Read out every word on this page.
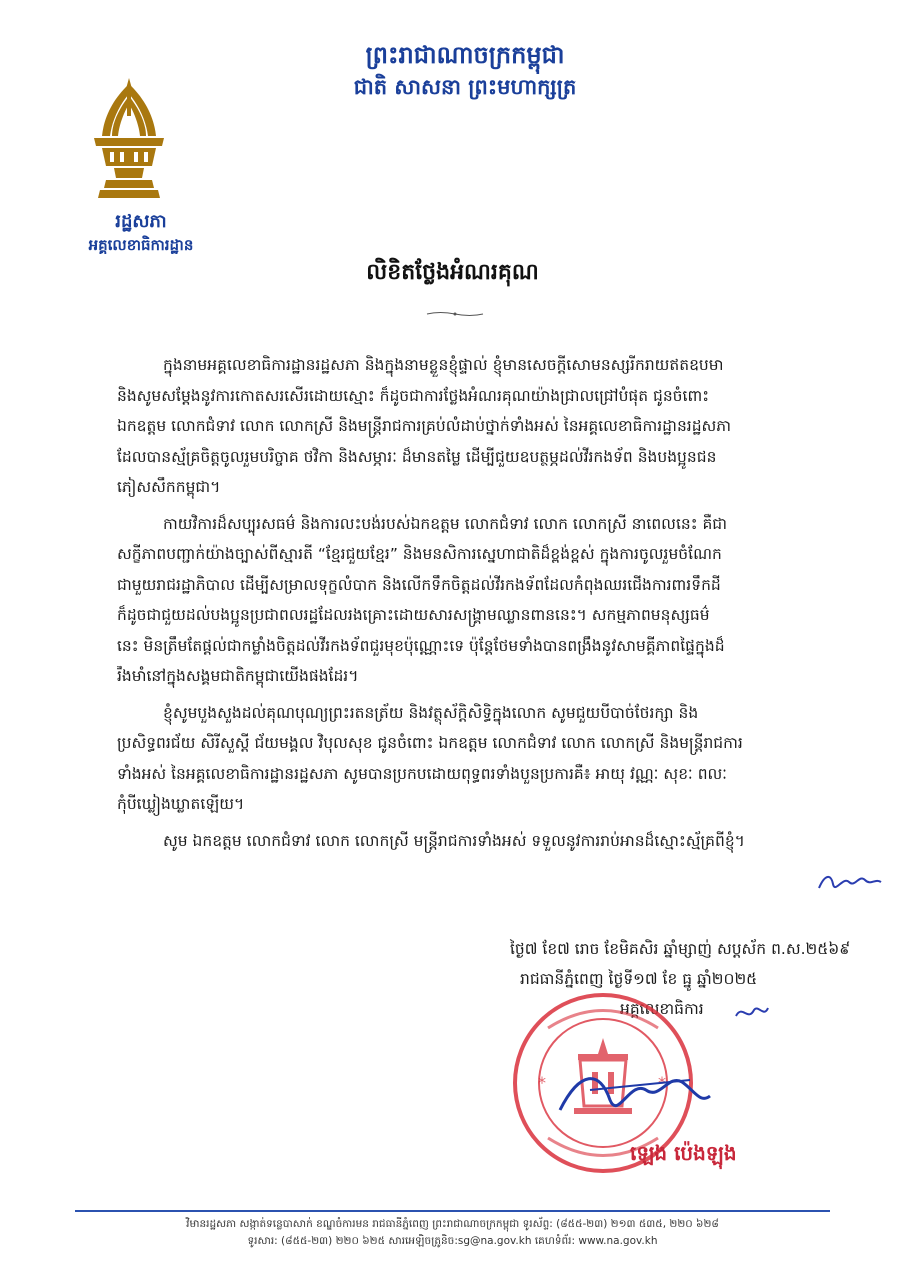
រដ្ឋសភា
អគ្គលេខាធិការដ្ឋាន
ព្រះរាជាណាចក្រកម្ពុជា
ជាតិ សាសនា ព្រះមហាក្សត្រ
លិខិតថ្លែងអំណរគុណ
ក្នុងនាមអគ្គលេខាធិការដ្ឋានរដ្ឋសភា និងក្នុងនាមខ្លួនខ្ញុំផ្ទាល់ ខ្ញុំមានសេចក្តីសោមនស្សរីករាយឥតឧបមា
និងសូមសម្តែងនូវការកោតសរសើរដោយស្មោះ ក៏ដូចជាការថ្លែងអំណរគុណយ៉ាងជ្រាលជ្រៅបំផុត ជូនចំពោះ
ឯកឧត្តម លោកជំទាវ លោក លោកស្រី និងមន្ត្រីរាជការគ្រប់លំដាប់ថ្នាក់ទាំងអស់ នៃអគ្គលេខាធិការដ្ឋានរដ្ឋសភា
ដែលបានស្ម័គ្រចិត្តចូលរួមបរិច្ចាគ ថវិកា និងសម្ភារៈ ដ៏មានតម្លៃ ដើម្បីជួយឧបត្ថម្ភដល់វីរកងទ័ព និងបងប្អូនជន
ភៀសសឹកកម្ពុជា។
កាយវិការដ៏សប្បុរសធម៌ និងការលះបង់របស់ឯកឧត្តម លោកជំទាវ លោក លោកស្រី នាពេលនេះ គឺជា
សក្ខីភាពបញ្ជាក់យ៉ាងច្បាស់ពីស្មារតី “ខ្មែរជួយខ្មែរ” និងមនសិការស្នេហាជាតិដ៏ខ្ពង់ខ្ពស់ ក្នុងការចូលរួមចំណែក
ជាមួយរាជរដ្ឋាភិបាល ដើម្បីសម្រាលទុក្ខលំបាក និងលើកទឹកចិត្តដល់វីរកងទ័ពដែលកំពុងឈរជើងការពារទឹកដី
ក៏ដូចជាជួយដល់បងប្អូនប្រជាពលរដ្ឋដែលរងគ្រោះដោយសារសង្គ្រាមឈ្លានពាននេះ។ សកម្មភាពមនុស្សធម៌
នេះ មិនត្រឹមតែផ្តល់ជាកម្លាំងចិត្តដល់វីរកងទ័ពជួរមុខប៉ុណ្ណោះទេ ប៉ុន្តែថែមទាំងបានពង្រឹងនូវសាមគ្គីភាពផ្ទៃក្នុងដ៏
រឹងមាំនៅក្នុងសង្គមជាតិកម្ពុជាយើងផងដែរ។
ខ្ញុំសូមបួងសួងដល់គុណបុណ្យព្រះរតនត្រ័យ និងវត្ថុស័ក្តិសិទ្ធិក្នុងលោក សូមជួយបីបាច់ថែរក្សា និង
ប្រសិទ្ធពរជ័យ សិរីសួស្តី ជ័យមង្គល វិបុលសុខ ជូនចំពោះ ឯកឧត្តម លោកជំទាវ លោក លោកស្រី និងមន្ត្រីរាជការ
ទាំងអស់ នៃអគ្គលេខាធិការដ្ឋានរដ្ឋសភា សូមបានប្រកបដោយពុទ្ធពរទាំងបួនប្រការគឺ៖ អាយុ វណ្ណៈ សុខៈ ពលៈ
កុំបីឃ្លៀងឃ្លាតឡើយ។
សូម ឯកឧត្តម លោកជំទាវ លោក លោកស្រី មន្ត្រីរាជការទាំងអស់ ទទួលនូវការរាប់អានដ៏ស្មោះស្ម័គ្រពីខ្ញុំ។
ថ្ងៃ៧ ខែ៧ រោច ខែមិគសិរ ឆ្នាំម្សាញ់ សប្តស័ក ព.ស.២៥៦៩
រាជធានីភ្នំពេញ ថ្ងៃទី១៧ ខែ ធ្នូ ឆ្នាំ២០២៥
អគ្គលេខាធិការ
*	*
ឡេង ប៉េងឡុង
វិមានរដ្ឋសភា សង្កាត់ទន្លេបាសាក់ ខណ្ឌចំការមន រាជធានីភ្នំពេញ ព្រះរាជាណាចក្រកម្ពុជា ទូរស័ព្ទ: (៨៥៥-២៣) ២១៣ ៥៣៥, ២២០ ៦២៨
ទូរសារ: (៨៥៥-២៣) ២២០ ៦២៥ សារអេឡិចត្រូនិច:sg@na.gov.kh គេហទំព័រ: www.na.gov.kh
